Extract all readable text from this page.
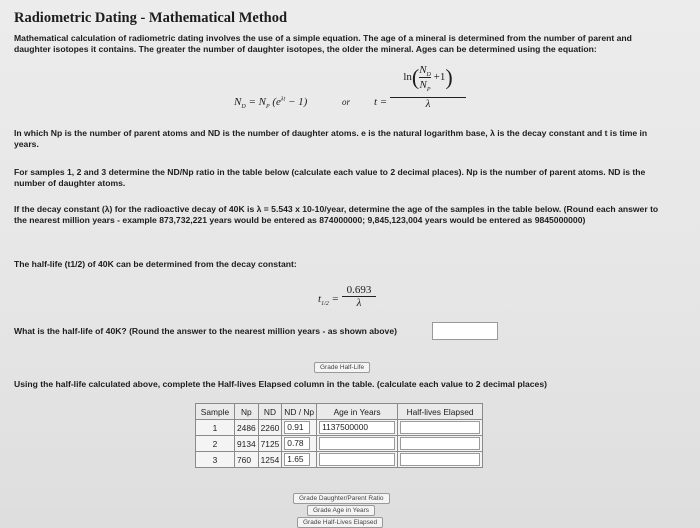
Radiometric Dating - Mathematical Method

Mathematical calculation of radiometric dating involves the use of a simple equation. The age of a mineral is determined from the number of parent and daughter isotopes it contains. The greater the number of daughter isotopes, the older the mineral. Ages can be determined using the equation:

$N_D = N_P$ $(e^{\lambda t} - 1)$	or t =
$\ln( \frac{N_D}{N_P} +1)$
λ

In which Np is the number of parent atoms and ND is the number of daughter atoms. e is the natural logarithm base, λ is the decay constant and t is time in years.

For samples 1, 2 and 3 determine the ND/Np ratio in the table below (calculate each value to 2 decimal places). Np is the number of parent atoms. ND is the number of daughter atoms.

If the decay constant (λ) for the radioactive decay of 40K is λ = 5.543 x 10-10/year, determine the age of the samples in the table below. (Round each answer to the nearest million years - example 873,732,221 years would be entered as 874000000; 9,845,123,004 years would be entered as 9845000000)

The half-life (t1/2) of 40K can be determined from the decay constant:

$t_{1/2}$ =
0.693
λ

What is the half-life of 40K? (Round the answer to the nearest million years - as shown above)

Grade Half-Life

Using the half-life calculated above, complete the Half-lives Elapsed column in the table. (calculate each value to 2 decimal places)

Sample	Np	ND	ND / Np	Age in Years	Half-lives Elapsed
1	2486	2260	0.91	1137500000	
2	9134	7125	0.78		
3	760	1254	1.65		
Grade Daughter/Parent Ratio
Grade Age in Years
Grade Half-Lives Elapsed
